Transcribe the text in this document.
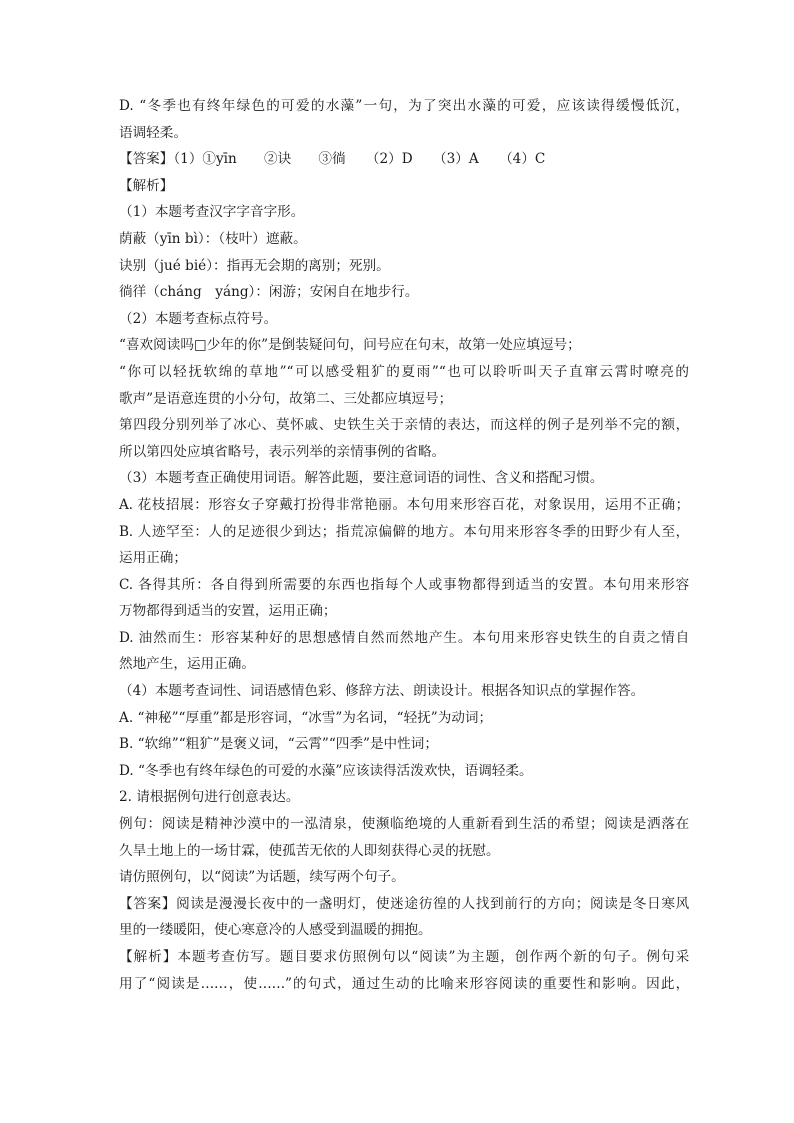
D. “冬季也有终年绿色的可爱的水藻”一句，为了突出水藻的可爱，应该读得缓慢低沉，
语调轻柔。
【答案】（1）①yīn　　②诀　　③徜　　（2）D　　（3）A　　（4）C
【解析】
（1）本题考查汉字字音字形。
荫蔽（yīn bì）：（枝叶）遮蔽。
诀别（jué bié）：指再无会期的离别；死别。
徜徉（cháng　yáng）：闲游；安闲自在地步行。
（2）本题考查标点符号。
“喜欢阅读吗□少年的你”是倒装疑问句，问号应在句末，故第一处应填逗号；
“你可以轻抚软绵的草地”“可以感受粗犷的夏雨”“也可以聆听叫天子直窜云霄时嘹亮的
歌声”是语意连贯的小分句，故第二、三处都应填逗号；
第四段分别列举了冰心、莫怀戚、史铁生关于亲情的表达，而这样的例子是列举不完的额，
所以第四处应填省略号，表示列举的亲情事例的省略。
（3）本题考查正确使用词语。解答此题，要注意词语的词性、含义和搭配习惯。
A. 花枝招展：形容女子穿戴打扮得非常艳丽。本句用来形容百花，对象误用，运用不正确；
B. 人迹罕至：人的足迹很少到达；指荒凉偏僻的地方。本句用来形容冬季的田野少有人至，
运用正确；
C. 各得其所：各自得到所需要的东西也指每个人或事物都得到适当的安置。本句用来形容
万物都得到适当的安置，运用正确；
D. 油然而生：形容某种好的思想感情自然而然地产生。本句用来形容史铁生的自责之情自
然地产生，运用正确。
（4）本题考查词性、词语感情色彩、修辞方法、朗读设计。根据各知识点的掌握作答。
A. “神秘”“厚重”都是形容词，“冰雪”为名词，“轻抚”为动词；
B. “软绵”“粗犷”是褒义词，“云霄”“四季”是中性词；
D. “冬季也有终年绿色的可爱的水藻”应该读得活泼欢快，语调轻柔。
2. 请根据例句进行创意表达。
例句：阅读是精神沙漠中的一泓清泉，使濒临绝境的人重新看到生活的希望；阅读是洒落在
久旱土地上的一场甘霖，使孤苦无依的人即刻获得心灵的抚慰。
请仿照例句，以“阅读”为话题，续写两个句子。
【答案】阅读是漫漫长夜中的一盏明灯，使迷途彷徨的人找到前行的方向；阅读是冬日寒风
里的一缕暖阳，使心寒意冷的人感受到温暖的拥抱。
【解析】本题考查仿写。题目要求仿照例句以“阅读”为主题，创作两个新的句子。例句采
用了“阅读是……，使……”的句式，通过生动的比喻来形容阅读的重要性和影响。因此，
